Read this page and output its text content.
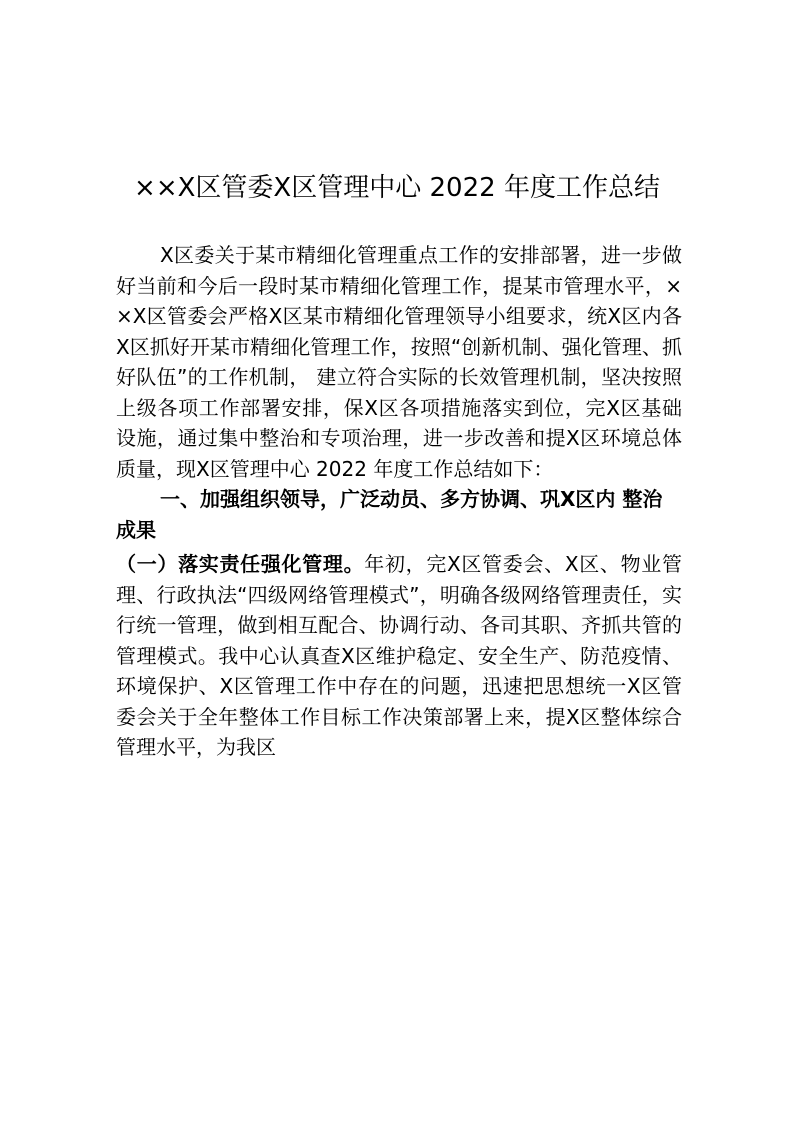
××X区管委X区管理中心 2022 年度工作总结

X区委关于某市精细化管理重点工作的安排部署，进一步做好当前和今后一段时某市精细化管理工作，提某市管理水平，××X区管委会严格X区某市精细化管理领导小组要求，统X区内各X区抓好开某市精细化管理工作，按照“创新机制、强化管理、抓好队伍”的工作机制， 建立符合实际的长效管理机制，坚决按照上级各项工作部署安排，保X区各项措施落实到位，完X区基础设施，通过集中整治和专项治理，进一步改善和提X区环境总体质量，现X区管理中心 2022 年度工作总结如下：

一、加强组织领导，广泛动员、多方协调、巩X区内 整治成果

（一）落实责任强化管理。年初，完X区管委会、X区、物业管理、行政执法“四级网络管理模式”，明确各级网络管理责任，实行统一管理，做到相互配合、协调行动、各司其职、齐抓共管的管理模式。我中心认真查X区维护稳定、安全生产、防范疫情、环境保护、X区管理工作中存在的问题，迅速把思想统一X区管委会关于全年整体工作目标工作决策部署上来，提X区整体综合管理水平，为我区
